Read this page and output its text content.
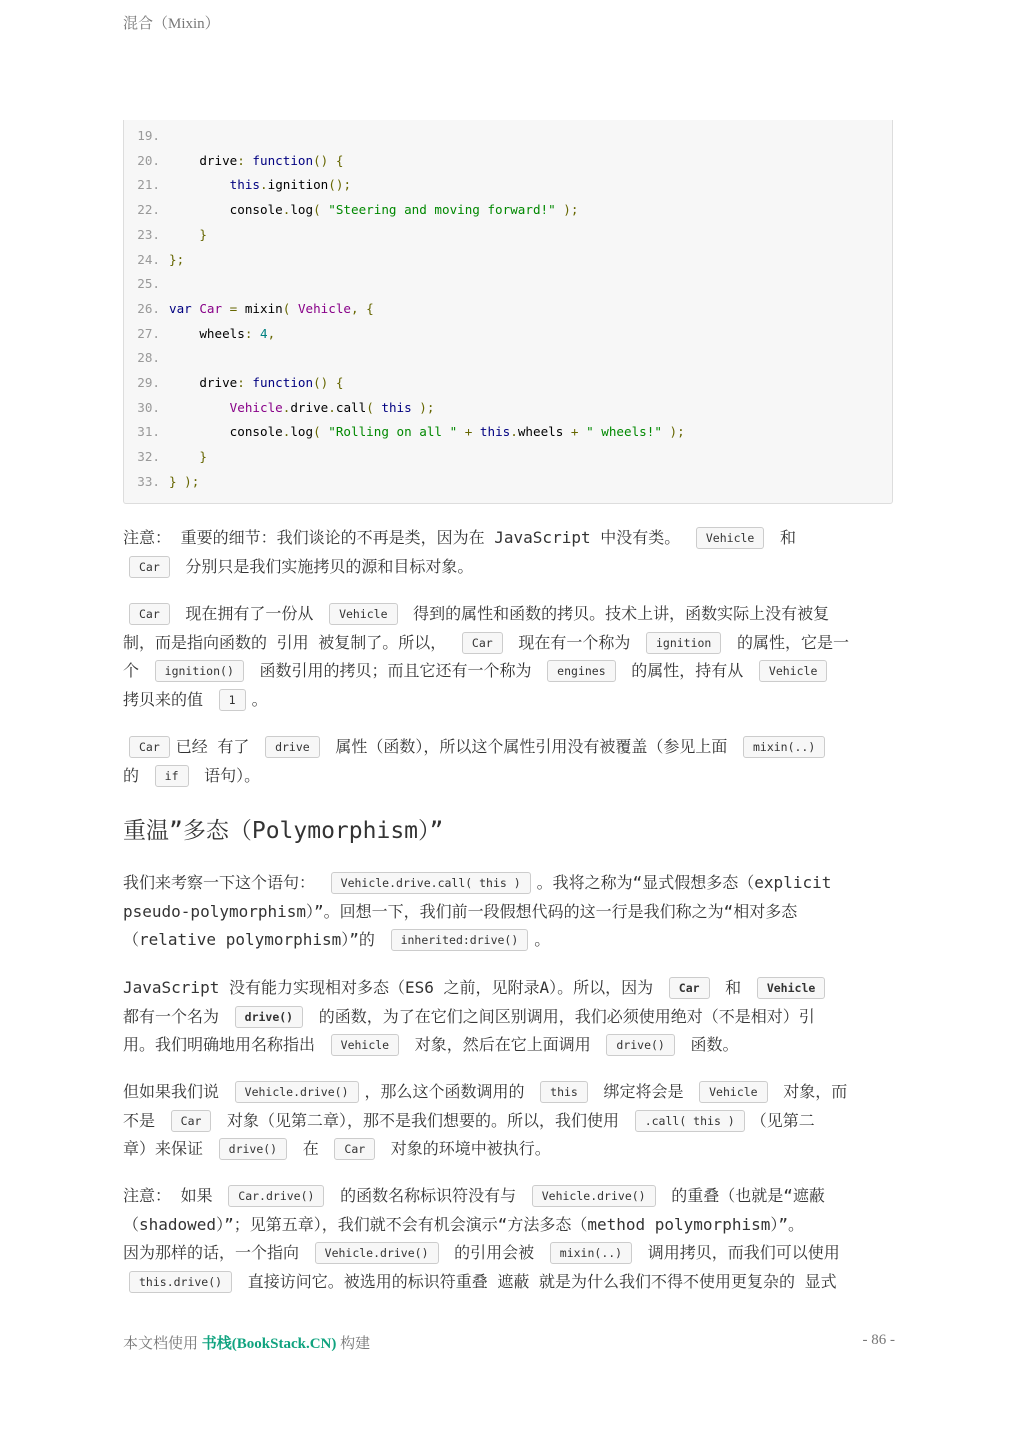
混合（Mixin）
19.
20.    drive: function() {
21.	this.ignition();
22.        console.log( "Steering and moving forward!" );
23.    }
24. };
25.
26. var Car = mixin( Vehicle, {
27.    wheels: 4,
28.
29.    drive: function() {
30.	Vehicle.drive.call( this );
31.        console.log( "Rolling on all " + this.wheels + " wheels!" );
32.    }
33. } );
注意： 重要的细节：我们谈论的不再是类，因为在 JavaScript 中没有类。 Vehicle 和
Car 分别只是我们实施拷贝的源和目标对象。
Car 现在拥有了一份从 Vehicle 得到的属性和函数的拷贝。技术上讲，函数实际上没有被复
制，而是指向函数的 引用 被复制了。所以， Car 现在有一个称为 ignition 的属性，它是一
个 ignition() 函数引用的拷贝；而且它还有一个称为 engines 的属性，持有从 Vehicle
拷贝来的值 1 。
Car 已经 有了 drive 属性（函数），所以这个属性引用没有被覆盖（参见上面 mixin(..)
的 if 语句）。
我们来考察一下这个语句： Vehicle.drive.call( this ) 。我将之称为“显式假想多态（explicit
pseudo-polymorphism）”。回想一下，我们前一段假想代码的这一行是我们称之为“相对多态
（relative polymorphism）”的 inherited:drive() 。
JavaScript 没有能力实现相对多态（ES6 之前，见附录A）。所以，因为 Car 和 Vehicle
都有一个名为 drive() 的函数，为了在它们之间区别调用，我们必须使用绝对（不是相对）引
用。我们明确地用名称指出 Vehicle 对象，然后在它上面调用 drive() 函数。
但如果我们说 Vehicle.drive() ，那么这个函数调用的 this 绑定将会是 Vehicle 对象，而
不是 Car 对象（见第二章），那不是我们想要的。所以，我们使用 .call( this ) （见第二
章）来保证 drive() 在 Car 对象的环境中被执行。
注意： 如果 Car.drive() 的函数名称标识符没有与 Vehicle.drive() 的重叠（也就是“遮蔽
（shadowed）”；见第五章），我们就不会有机会演示“方法多态（method polymorphism）”。
因为那样的话，一个指向 Vehicle.drive() 的引用会被 mixin(..) 调用拷贝，而我们可以使用
this.drive() 直接访问它。被选用的标识符重叠 遮蔽 就是为什么我们不得不使用更复杂的 显式
重温”多态（Polymorphism）”
本文档使用 书栈(BookStack.CN) 构建	- 86 -
